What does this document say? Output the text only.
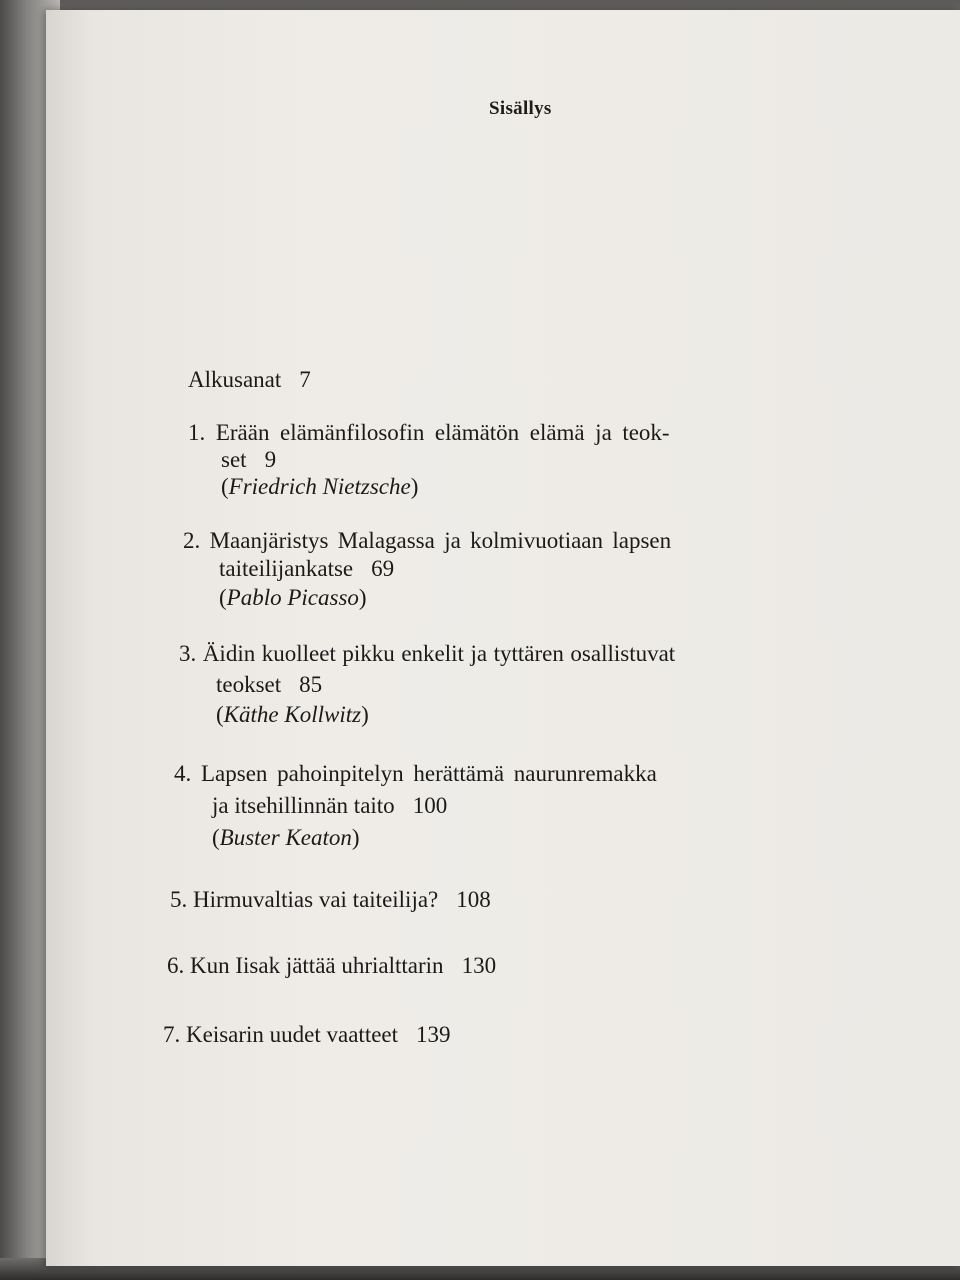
Sisällys
Alkusanat 7
1. Erään elämänfilosofin elämätön elämä ja teok-
set 9
(Friedrich Nietzsche)
2. Maanjäristys Malagassa ja kolmivuotiaan lapsen
taiteilijankatse 69
(Pablo Picasso)
3. Äidin kuolleet pikku enkelit ja tyttären osallistuvat
teokset 85
(Käthe Kollwitz)
4. Lapsen pahoinpitelyn herättämä naurunremakka
ja itsehillinnän taito 100
(Buster Keaton)
5. Hirmuvaltias vai taiteilija? 108
6. Kun Iisak jättää uhrialttarin 130
7. Keisarin uudet vaatteet 139
